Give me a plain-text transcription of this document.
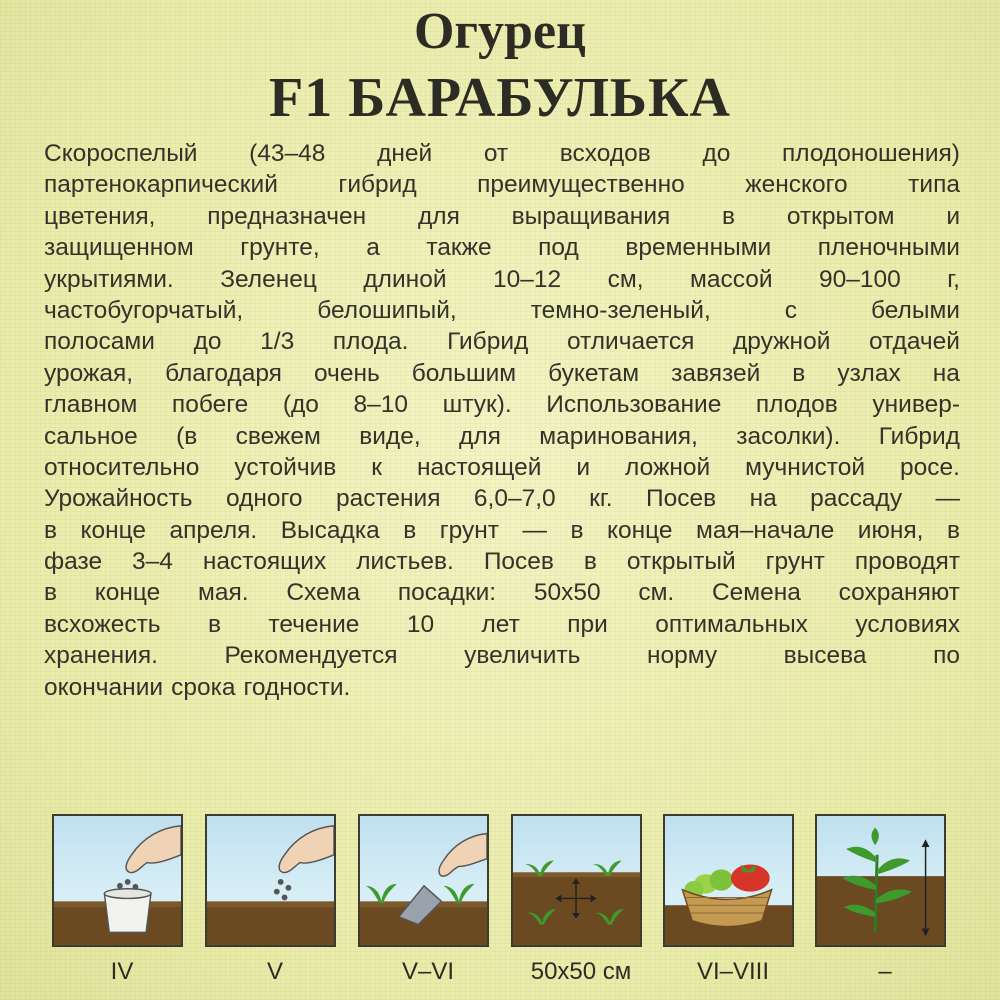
Огурец
F1 БАРАБУЛЬКА
Скороспелый (43–48 дней от всходов до плодоношения)
партенокарпический гибрид преимущественно женского типа
цветения, предназначен для выращивания в открытом и
защищенном грунте, а также под временными пленочными
укрытиями. Зеленец длиной 10–12 см, массой 90–100 г,
частобугорчатый,	белошипый,	темно-зеленый,	с	белыми
полосами до 1/3 плода. Гибрид отличается дружной отдачей
урожая, благодаря очень большим букетам завязей в узлах на
главном побеге (до 8–10 штук). Использование плодов универ-
сальное (в свежем виде, для маринования, засолки). Гибрид
относительно устойчив к настоящей и ложной мучнистой росе.
Урожайность одного растения 6,0–7,0 кг. Посев на рассаду —
в конце апреля. Высадка в грунт — в конце мая–начале июня, в
фазе 3–4 настоящих листьев. Посев в открытый грунт проводят
в конце мая. Схема посадки: 50х50 см. Семена сохраняют
всхожесть в течение 10 лет при оптимальных условиях
хранения.	Рекомендуется	увеличить	норму	высева	по
окончании срока годности.
IV	V	V–VI	50х50 см	VI–VIII	–
